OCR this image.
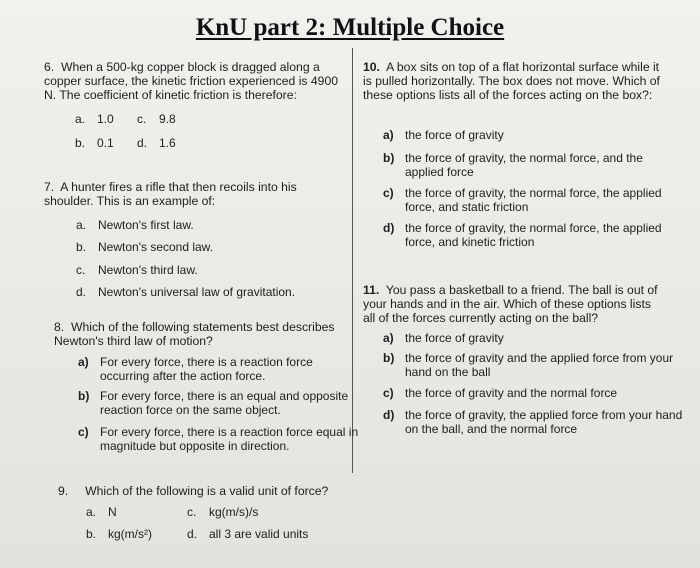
KnU part 2: Multiple Choice
6. When a 500-kg copper block is dragged along a copper surface, the kinetic friction experienced is 4900 N. The coefficient of kinetic friction is therefore:
a. 1.0 c. 9.8
b. 0.1 d. 1.6
7. A hunter fires a rifle that then recoils into his shoulder. This is an example of:
a. Newton's first law.
b. Newton's second law.
c. Newton's third law.
d. Newton's universal law of gravitation.
8. Which of the following statements best describes Newton's third law of motion?
a) For every force, there is a reaction force occurring after the action force.
b) For every force, there is an equal and opposite reaction force on the same object.
c) For every force, there is a reaction force equal in magnitude but opposite in direction.
9. Which of the following is a valid unit of force?
a. N	c. kg(m/s)/s
b. kg(m/s²)	d. all 3 are valid units
10. A box sits on top of a flat horizontal surface while it is pulled horizontally. The box does not move. Which of these options lists all of the forces acting on the box?:
a) the force of gravity
b) the force of gravity, the normal force, and the applied force
c) the force of gravity, the normal force, the applied force, and static friction
d) the force of gravity, the normal force, the applied force, and kinetic friction
11. You pass a basketball to a friend. The ball is out of your hands and in the air. Which of these options lists all of the forces currently acting on the ball?
a) the force of gravity
b) the force of gravity and the applied force from your hand on the ball
c) the force of gravity and the normal force
d) the force of gravity, the applied force from your hand on the ball, and the normal force
